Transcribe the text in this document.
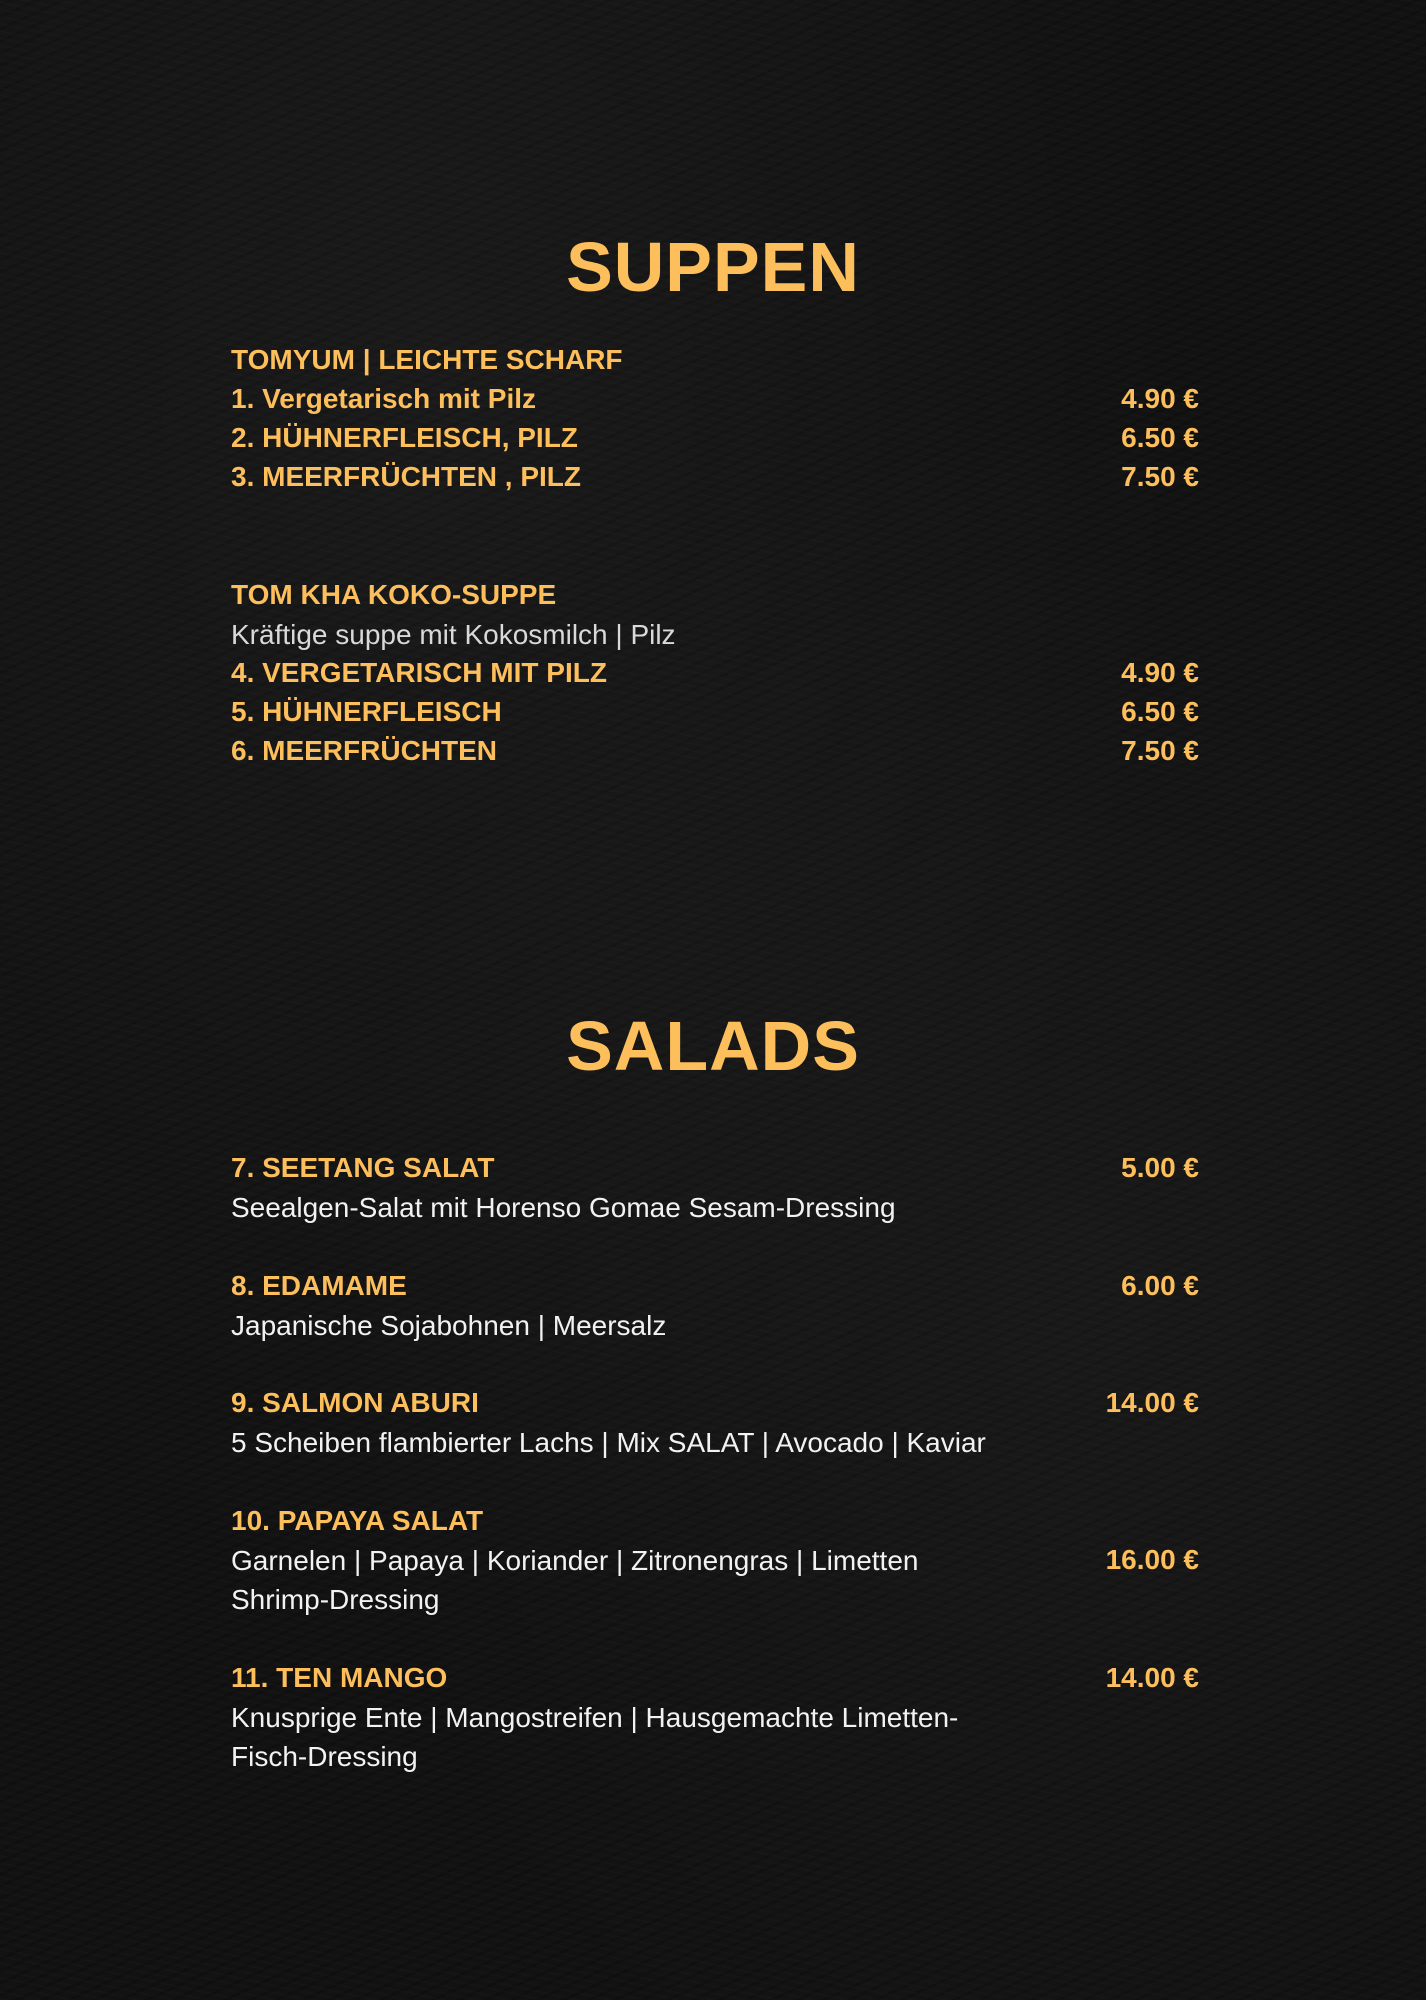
SUPPEN
TOMYUM | LEICHTE SCHARF
1. Vergetarisch mit Pilz	4.90 €
2. HÜHNERFLEISCH, PILZ	6.50 €
3. MEERFRÜCHTEN , PILZ	7.50 €
TOM KHA KOKO-SUPPE
Kräftige suppe mit Kokosmilch | Pilz
4. VERGETARISCH MIT PILZ	4.90 €
5. HÜHNERFLEISCH	6.50 €
6. MEERFRÜCHTEN	7.50 €
SALADS
7. SEETANG SALAT	5.00 €
Seealgen-Salat mit Horenso Gomae Sesam-Dressing
8. EDAMAME	6.00 €
Japanische Sojabohnen | Meersalz
9. SALMON ABURI	14.00 €
5 Scheiben flambierter Lachs | Mix SALAT | Avocado | Kaviar
10. PAPAYA SALAT
Garnelen | Papaya | Koriander | Zitronengras | Limetten	16.00 €
Shrimp-Dressing
11. TEN MANGO	14.00 €
Knusprige Ente | Mangostreifen | Hausgemachte Limetten-
Fisch-Dressing
